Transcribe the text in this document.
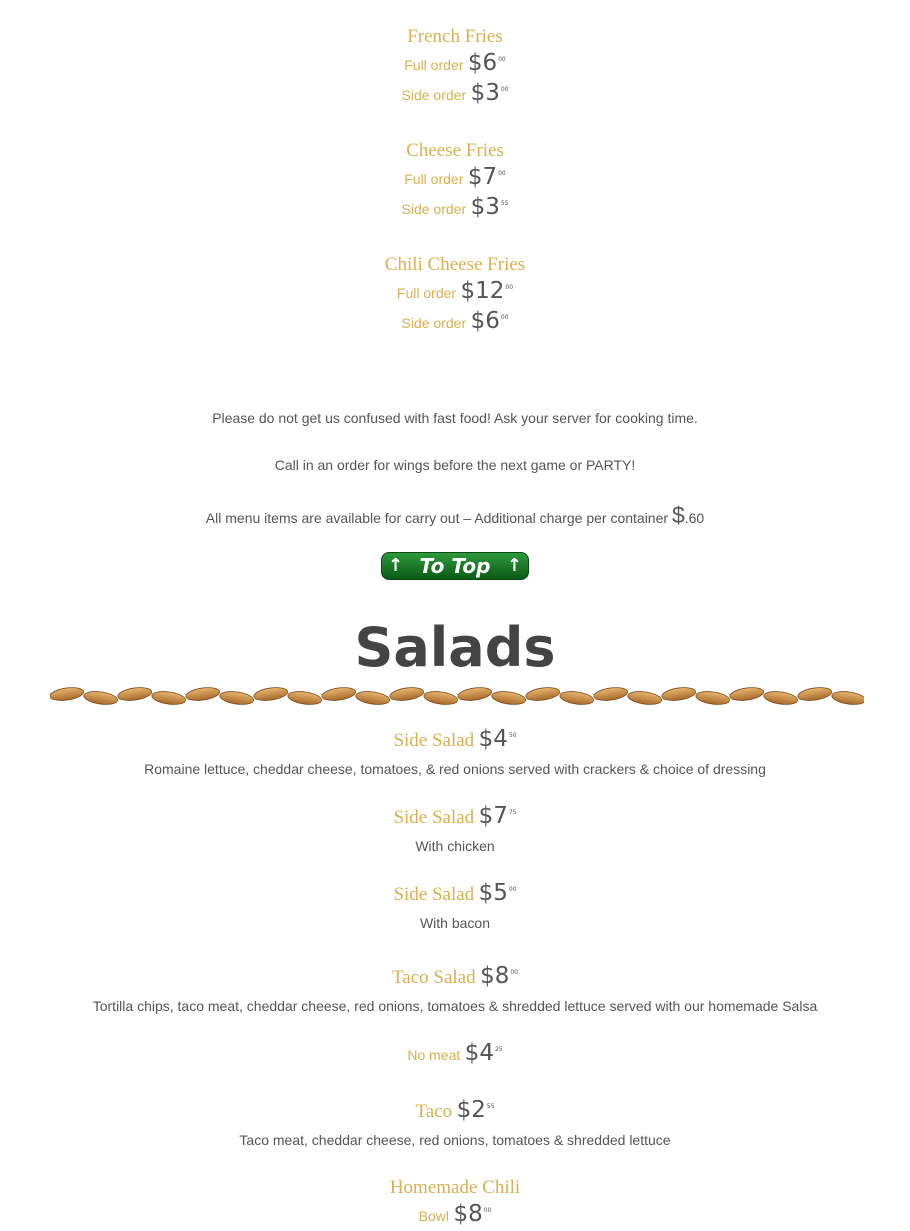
French Fries
Full order $\$6^{00}$
Side order $\$3^{00}$
Cheese Fries
Full order $\$7^{00}$
Side order $\$3^{55}$
Chili Cheese Fries
Full order $\$12^{00}$
Side order $\$6^{00}$
Please do not get us confused with fast food! Ask your server for cooking time.
Call in an order for wings before the next game or PARTY!
All menu items are available for carry out – Additional charge per container $.60
↑ To Top ↑
Salads
Side Salad $\$4^{50}$
Romaine lettuce, cheddar cheese, tomatoes, & red onions served with crackers & choice of dressing
Side Salad $\$7^{75}$
With chicken
Side Salad $\$5^{00}$
With bacon
Taco Salad $\$8^{00}$
Tortilla chips, taco meat, cheddar cheese, red onions, tomatoes & shredded lettuce served with our homemade Salsa
No meat $\$4^{25}$
Taco $\$2^{55}$
Taco meat, cheddar cheese, red onions, tomatoes & shredded lettuce
Homemade Chili
Bowl $\$8^{00}$
